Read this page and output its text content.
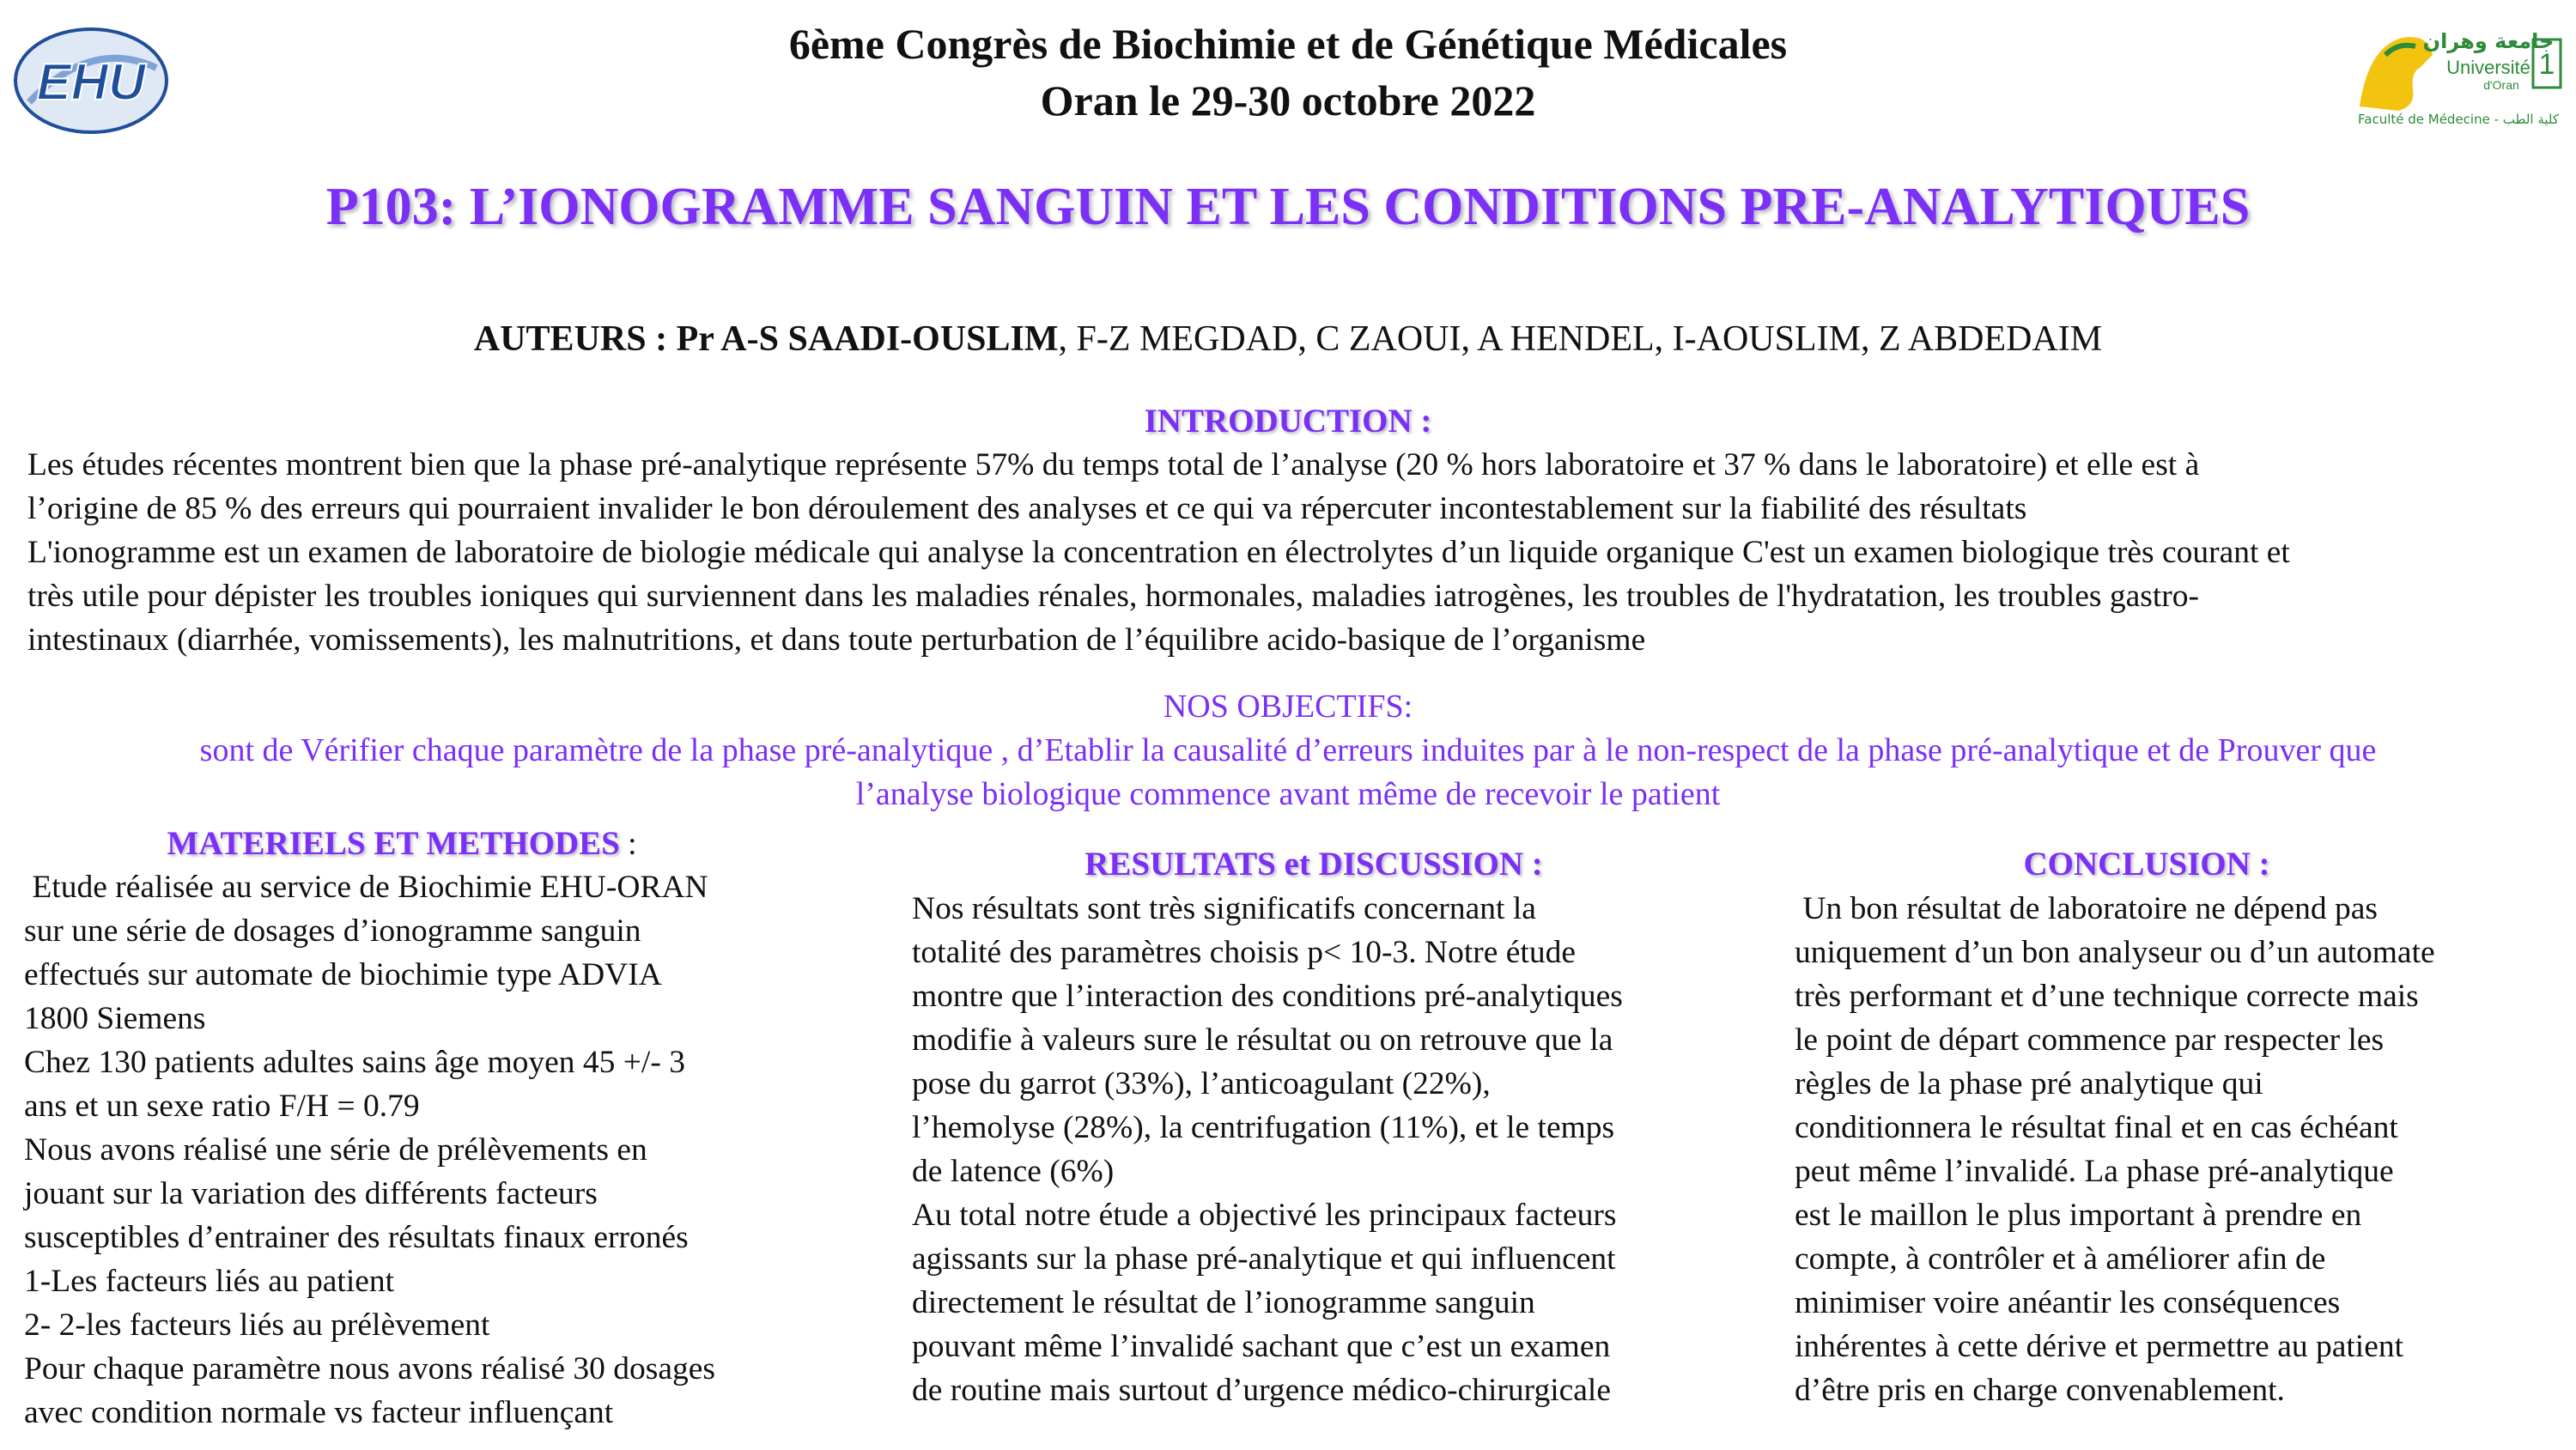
EHU
جامعة وهران
Université
d'Oran
1
Faculté de Médecine - كلية الطب
6ème Congrès de Biochimie et de Génétique Médicales
Oran le 29-30 octobre 2022
P103: L’IONOGRAMME SANGUIN ET LES CONDITIONS PRE-ANALYTIQUES
AUTEURS : Pr A-S SAADI-OUSLIM, F-Z MEGDAD, C ZAOUI, A HENDEL, I-AOUSLIM, Z ABDEDAIM
INTRODUCTION :
Les études récentes montrent bien que la phase pré-analytique représente 57% du temps total de l’analyse (20 % hors laboratoire et 37 % dans le laboratoire) et elle est à
l’origine de 85 % des erreurs qui pourraient invalider le bon déroulement des analyses et ce qui va répercuter incontestablement sur la fiabilité des résultats
L'ionogramme est un examen de laboratoire de biologie médicale qui analyse la concentration en électrolytes d’un liquide organique C'est un examen biologique très courant et
très utile pour dépister les troubles ioniques qui surviennent dans les maladies rénales, hormonales, maladies iatrogènes, les troubles de l'hydratation, les troubles gastro-
intestinaux (diarrhée, vomissements), les malnutritions, et dans toute perturbation de l’équilibre acido-basique de l’organisme
NOS OBJECTIFS:
sont de Vérifier chaque paramètre de la phase pré-analytique , d’Etablir la causalité d’erreurs induites par à le non-respect de la phase pré-analytique et de Prouver que
l’analyse biologique commence avant même de recevoir le patient
MATERIELS ET METHODES :
Etude réalisée au service de Biochimie EHU-ORAN
sur une série de dosages d’ionogramme sanguin
effectués sur automate de biochimie type ADVIA
1800 Siemens
Chez 130 patients adultes sains âge moyen 45 +/- 3
ans et un sexe ratio F/H = 0.79
Nous avons réalisé une série de prélèvements en
jouant sur la variation des différents facteurs
susceptibles d’entrainer des résultats finaux erronés
1-Les facteurs liés au patient
2- 2-les facteurs liés au prélèvement
Pour chaque paramètre nous avons réalisé 30 dosages
avec condition normale vs facteur influençant
RESULTATS et DISCUSSION :
Nos résultats sont très significatifs concernant la
totalité des paramètres choisis p< 10-3. Notre étude
montre que l’interaction des conditions pré-analytiques
modifie à valeurs sure le résultat ou on retrouve que la
pose du garrot (33%), l’anticoagulant (22%),
l’hemolyse (28%), la centrifugation (11%), et le temps
de latence (6%)
Au total notre étude a objectivé les principaux facteurs
agissants sur la phase pré-analytique et qui influencent
directement le résultat de l’ionogramme sanguin
pouvant même l’invalidé sachant que c’est un examen
de routine mais surtout d’urgence médico-chirurgicale
CONCLUSION :
Un bon résultat de laboratoire ne dépend pas
uniquement d’un bon analyseur ou d’un automate
très performant et d’une technique correcte mais
le point de départ commence par respecter les
règles de la phase pré analytique qui
conditionnera le résultat final et en cas échéant
peut même l’invalidé. La phase pré-analytique
est le maillon le plus important à prendre en
compte, à contrôler et à améliorer afin de
minimiser voire anéantir les conséquences
inhérentes à cette dérive et permettre au patient
d’être pris en charge convenablement.
